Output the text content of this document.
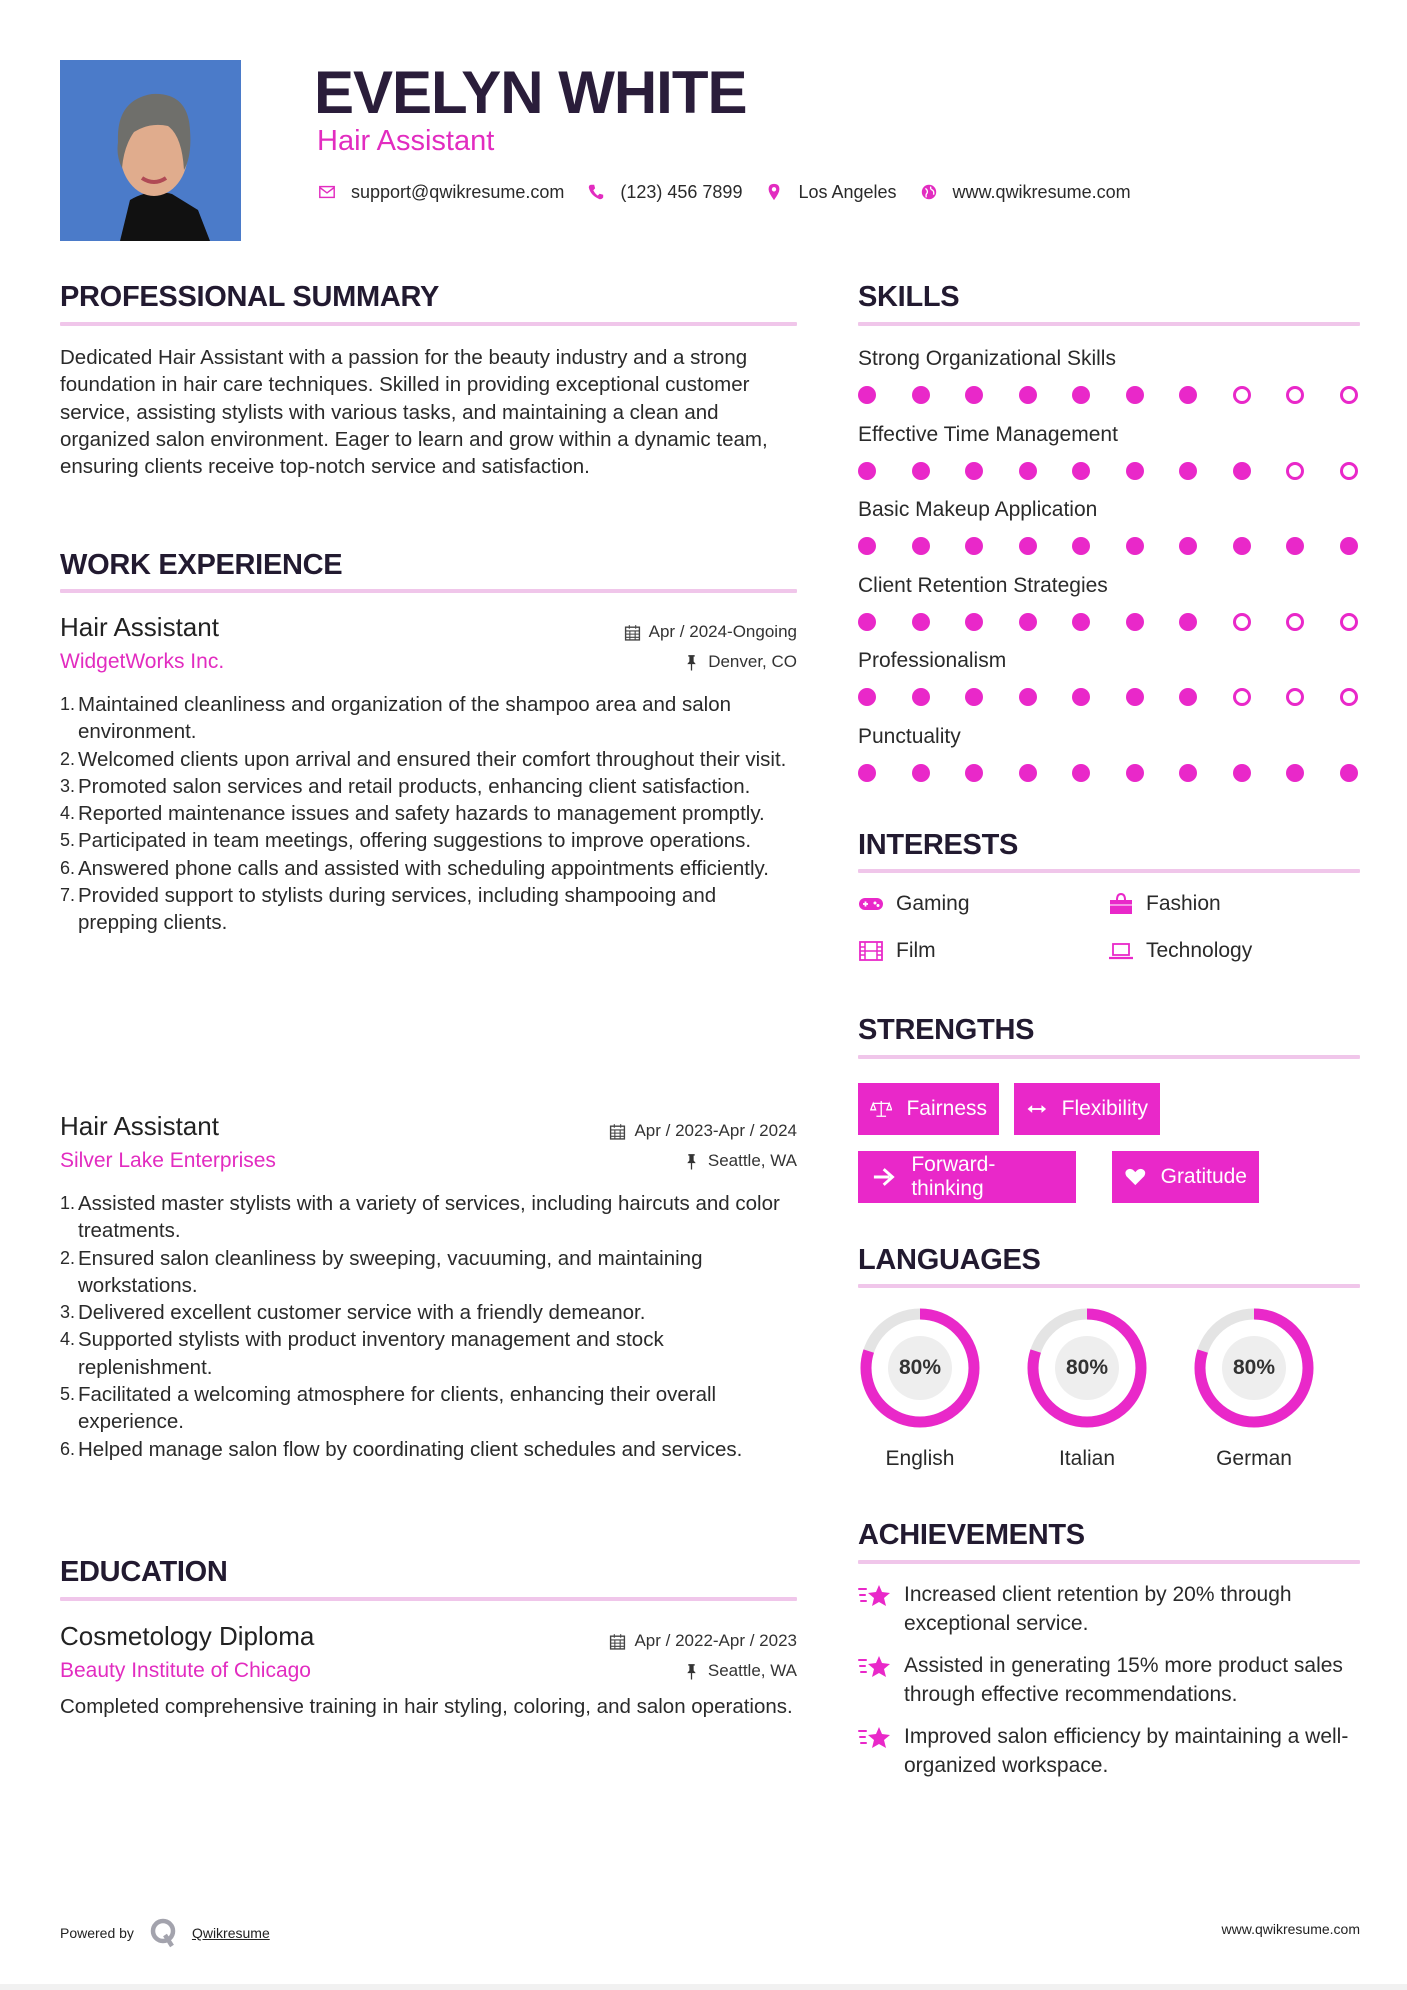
EVELYN WHITE
Hair Assistant
support@qwikresume.com	(123) 456 7899	Los Angeles	www.qwikresume.com
PROFESSIONAL SUMMARY
Dedicated Hair Assistant with a passion for the beauty industry and a strong foundation in hair care techniques. Skilled in providing exceptional customer service, assisting stylists with various tasks, and maintaining a clean and organized salon environment. Eager to learn and grow within a dynamic team, ensuring clients receive top-notch service and satisfaction.
WORK EXPERIENCE
Hair Assistant	Apr / 2024-Ongoing
WidgetWorks Inc.	Denver, CO
1. Maintained cleanliness and organization of the shampoo area and salon environment.
2. Welcomed clients upon arrival and ensured their comfort throughout their visit.
3. Promoted salon services and retail products, enhancing client satisfaction.
4. Reported maintenance issues and safety hazards to management promptly.
5. Participated in team meetings, offering suggestions to improve operations.
6. Answered phone calls and assisted with scheduling appointments efficiently.
7. Provided support to stylists during services, including shampooing and prepping clients.
Hair Assistant	Apr / 2023-Apr / 2024
Silver Lake Enterprises	Seattle, WA
1. Assisted master stylists with a variety of services, including haircuts and color treatments.
2. Ensured salon cleanliness by sweeping, vacuuming, and maintaining workstations.
3. Delivered excellent customer service with a friendly demeanor.
4. Supported stylists with product inventory management and stock replenishment.
5. Facilitated a welcoming atmosphere for clients, enhancing their overall experience.
6. Helped manage salon flow by coordinating client schedules and services.
EDUCATION
Cosmetology Diploma	Apr / 2022-Apr / 2023
Beauty Institute of Chicago	Seattle, WA
Completed comprehensive training in hair styling, coloring, and salon operations.
SKILLS
Strong Organizational Skills
Effective Time Management
Basic Makeup Application
Client Retention Strategies
Professionalism
Punctuality
INTERESTS
Gaming	Fashion
Film	Technology
STRENGTHS
Fairness	Flexibility
Forward-thinking
Gratitude
LANGUAGES
80%
English
80%
Italian
80%
German
ACHIEVEMENTS
Increased client retention by 20% through exceptional service.
Assisted in generating 15% more product sales through effective recommendations.
Improved salon efficiency by maintaining a well-organized workspace.
Powered by	Qwikresume	www.qwikresume.com
